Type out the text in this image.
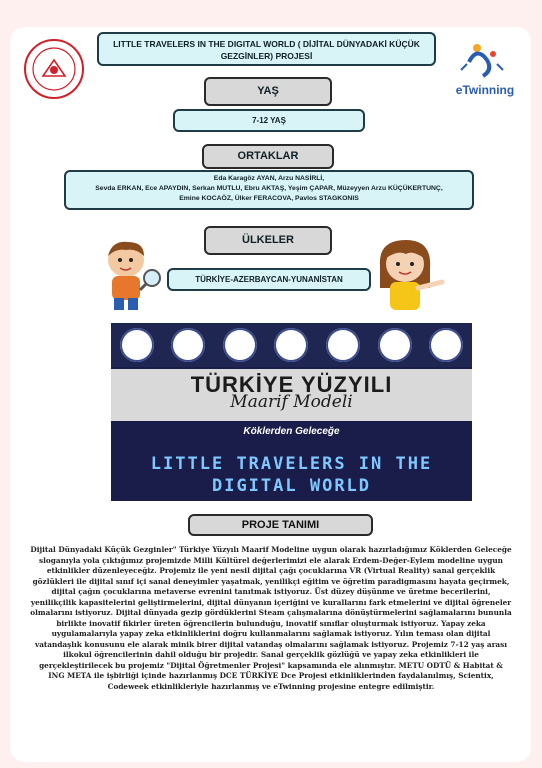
LITTLE TRAVELERS IN THE DIGITAL WORLD ( DİJİTAL DÜNYADAKİ KÜÇÜK GEZGİNLER) PROJESİ
eTwinning
YAŞ
7-12 YAŞ
ORTAKLAR
Eda Karagöz AYAN, Arzu NASİRLİ,
Sevda ERKAN, Ece APAYDIN, Serkan MUTLU, Ebru AKTAŞ, Yeşim ÇAPAR, Müzeyyen Arzu KÜÇÜKERTUNÇ,
Emine KOCAÖZ, Ülker FERACOVA, Pavlos STAGKONIS
ÜLKELER
TÜRKİYE-AZERBAYCAN-YUNANİSTAN
TÜRKİYE YÜZYILI
Maarif Modeli
Köklerden Geleceğe
LITTLE TRAVELERS IN THE
DIGITAL WORLD
PROJE TANIMI

Dijital Dünyadaki Küçük Gezginler" Türkiye Yüzyılı Maarif Modeline uygun olarak hazırladığımız Köklerden Geleceğe sloganıyla yola çıktığımız projemizde Milli Kültürel değerlerimizi ele alarak Erdem-Değer-Eylem modeline uygun etkinlikler düzenleyeceğiz. Projemiz ile yeni nesil dijital çağı çocuklarına VR (Virtual Reality) sanal gerçeklik gözlükleri ile dijital sınıf içi sanal deneyimler yaşatmak, yenilikçi eğitim ve öğretim paradigmasını hayata geçirmek, dijital çağın çocuklarına metaverse evrenini tanıtmak istiyoruz. Üst düzey düşünme ve üretme becerilerini, yenilikçilik kapasitelerini geliştirmelerini, dijital dünyanın içeriğini ve kurallarını fark etmelerini ve dijital öğreneler olmalarını istiyoruz. Dijital dünyada gezip gördüklerini Steam çalışmalarına dönüştürmelerini sağlamalarını bununla birlikte inovatif fikirler üreten öğrencilerin bulunduğu, inovatif sınıflar oluşturmak istiyoruz. Yapay zeka uygulamalarıyla yapay zeka etkinliklerini doğru kullanmalarını sağlamak istiyoruz. Yılın teması olan dijital vatandaşlık konusunu ele alarak minik birer dijital vatandaş olmalarını sağlamak istiyoruz. Projemiz 7-12 yaş arası ilkokul öğrencilerinin dahil olduğu bir projedir. Sanal gerçeklik gözlüğü ve yapay zeka etkinlikleri ile gerçekleştirilecek bu projemiz "Dijital Öğretmenler Projesi" kapsamında ele alınmıştır. METU ODTÜ & Habitat & ING META ile işbirliği içinde hazırlanmış DCE TÜRKİYE Dce Projesi etkinliklerinden faydalanılmış, Scientix, Codeweek etkinlikleriyle hazırlanmış ve eTwinning projesine entegre edilmiştir.
